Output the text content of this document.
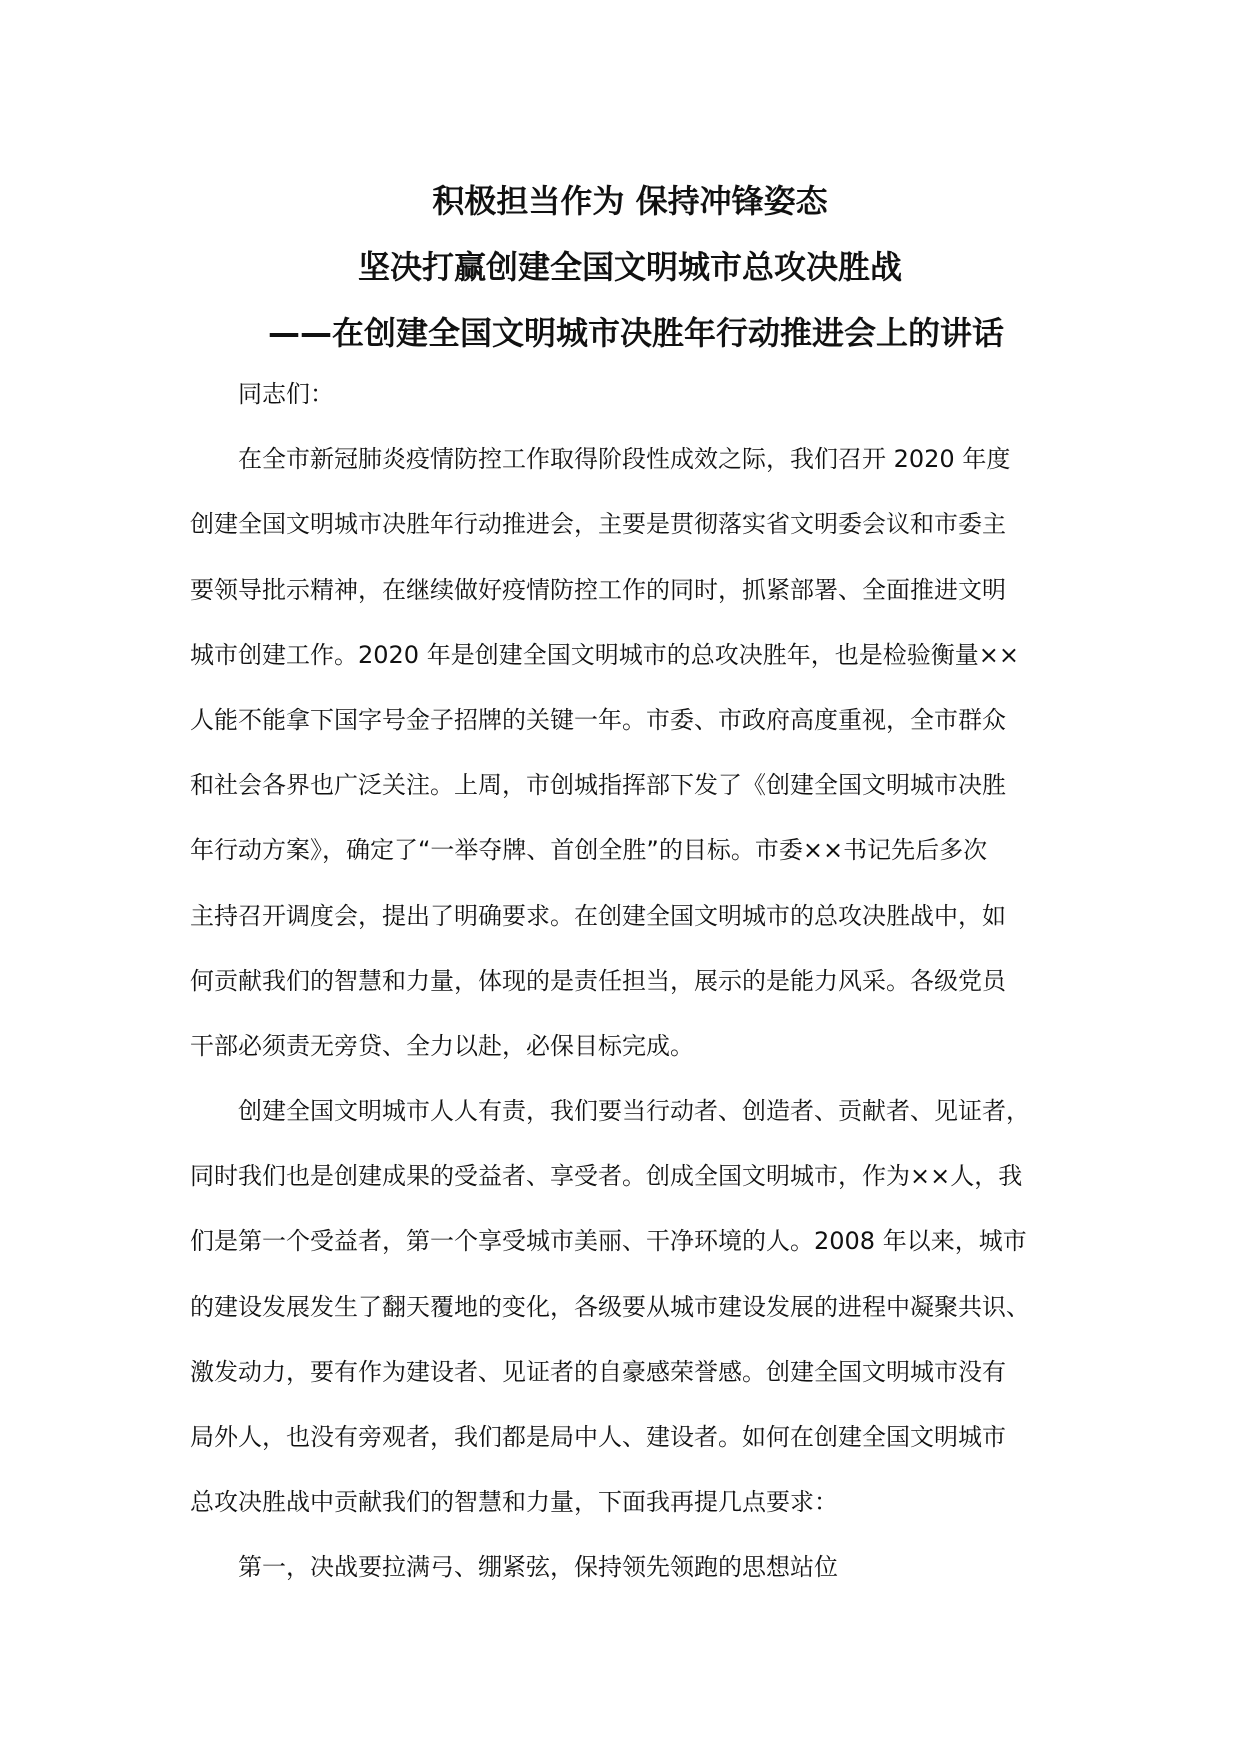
积极担当作为 保持冲锋姿态
坚决打赢创建全国文明城市总攻决胜战
——在创建全国文明城市决胜年行动推进会上的讲话
同志们：
在全市新冠肺炎疫情防控工作取得阶段性成效之际，我们召开 2020 年度
创建全国文明城市决胜年行动推进会，主要是贯彻落实省文明委会议和市委主
要领导批示精神，在继续做好疫情防控工作的同时，抓紧部署、全面推进文明
城市创建工作。2020 年是创建全国文明城市的总攻决胜年，也是检验衡量××
人能不能拿下国字号金子招牌的关键一年。市委、市政府高度重视，全市群众
和社会各界也广泛关注。上周，市创城指挥部下发了《创建全国文明城市决胜
年行动方案》，确定了“一举夺牌、首创全胜”的目标。市委××书记先后多次
主持召开调度会，提出了明确要求。在创建全国文明城市的总攻决胜战中，如
何贡献我们的智慧和力量，体现的是责任担当，展示的是能力风采。各级党员
干部必须责无旁贷、全力以赴，必保目标完成。
创建全国文明城市人人有责，我们要当行动者、创造者、贡献者、见证者，
同时我们也是创建成果的受益者、享受者。创成全国文明城市，作为××人，我
们是第一个受益者，第一个享受城市美丽、干净环境的人。2008 年以来，城市
的建设发展发生了翻天覆地的变化，各级要从城市建设发展的进程中凝聚共识、
激发动力，要有作为建设者、见证者的自豪感荣誉感。创建全国文明城市没有
局外人，也没有旁观者，我们都是局中人、建设者。如何在创建全国文明城市
总攻决胜战中贡献我们的智慧和力量，下面我再提几点要求：
第一，决战要拉满弓、绷紧弦，保持领先领跑的思想站位
